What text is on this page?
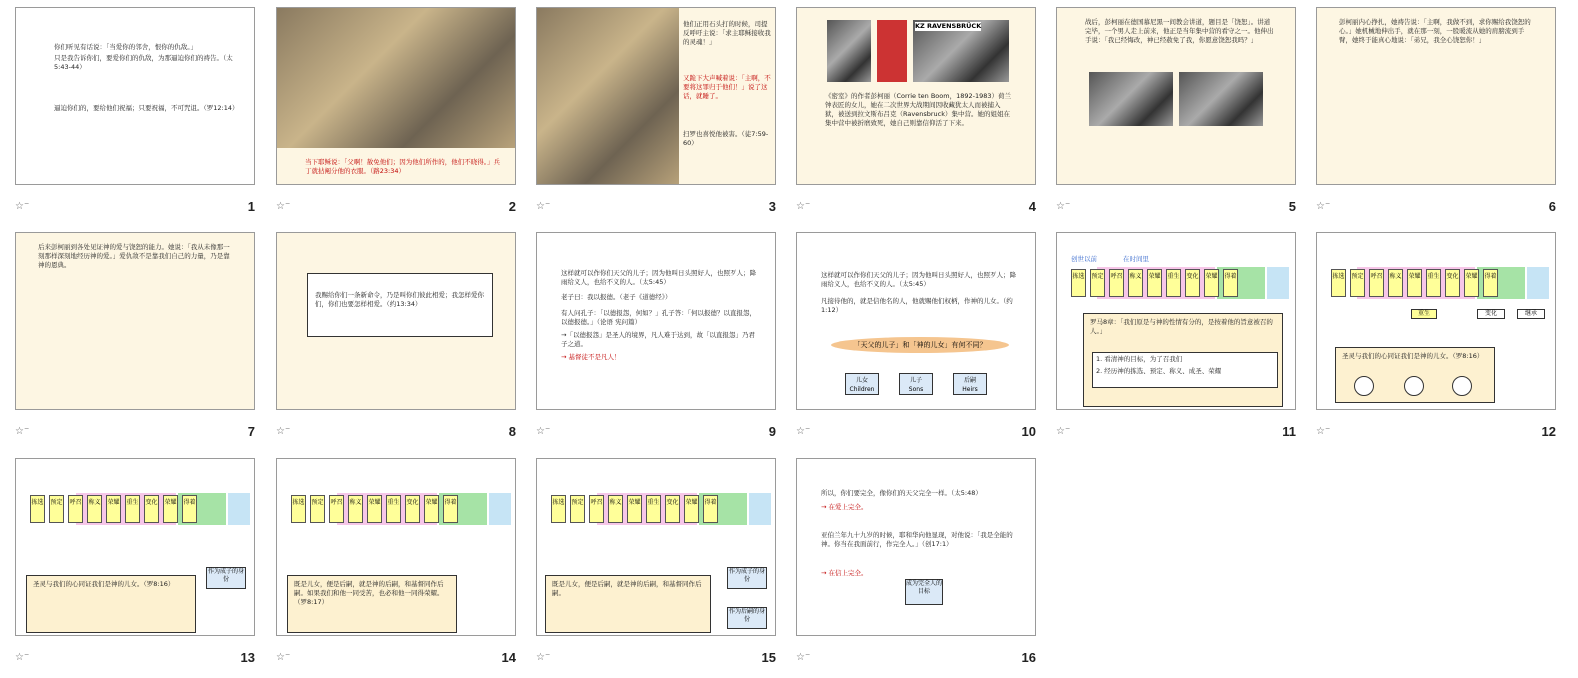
你们听见有话说：「当爱你的邻舍，恨你的仇敌。」
只是我告诉你们，要爱你们的仇敌，为那逼迫你们的祷告。（太5:43-44）
逼迫你们的，要给他们祝福；只要祝福，不可咒诅。（罗12:14）
☆⁻	1
当下耶稣说：「父啊！赦免他们；因为他们所作的，他们不晓得。」兵丁就拈阄分他的衣服。（路23:34）
☆⁻	2
他们正用石头打的时候，司提反呼吁主说：「求主耶稣接收我的灵魂！」
又跪下大声喊着说：「主啊，不要将这罪归于他们！」说了这话，就睡了。
扫罗也喜悦他被害。（徒7:59-60）
☆⁻	3
KZ RAVENSBRÜCK
《密室》的作者彭柯丽（Corrie ten Boom，1892-1983）荷兰钟表匠的女儿，她在二次世界大战期间因收藏犹太人而被捕入狱，被送到拉文斯布吕克（Ravensbruck）集中营。她的姐姐在集中营中被折磨致死，她自己则靠信仰活了下来。
☆⁻	4
战后，彭柯丽在德国慕尼黑一间教会讲道，题目是「饶恕」。讲道完毕，一个男人走上前来，他正是当年集中营的看守之一。他伸出手说：「我已经悔改，神已经赦免了我，你愿意饶恕我吗？」
☆⁻	5
彭柯丽内心挣扎，她祷告说：「主啊，我做不到，求你赐给我饶恕的心。」她机械地伸出手，就在那一刻，一股暖流从她的肩膀流到手臂，她终于能真心地说：「弟兄，我全心饶恕你！」
☆⁻	6
后来彭柯丽到各处见证神的爱与饶恕的能力。她说：「我从未像那一刻那样深刻地经历神的爱。」爱仇敌不是靠我们自己的力量，乃是靠神的恩典。
☆⁻	7
我赐给你们一条新命令，乃是叫你们彼此相爱；我怎样爱你们，你们也要怎样相爱。（约13:34）
☆⁻	8
这样就可以作你们天父的儿子；因为他叫日头照好人，也照歹人；降雨给义人，也给不义的人。（太5:45）
老子曰：我以报德。（老子《道德经》）
有人问孔子：「以德报怨，何如？」孔子答：「何以报德？以直报怨，以德报德。」（论语 宪问篇）
→「以德报怨」是圣人的境界，凡人难于达到，故「以直报怨」乃君子之道。
→ 基督徒不是凡人！
☆⁻	9
这样就可以作你们天父的儿子；因为他叫日头照好人，也照歹人；降雨给义人，也给不义的人。（太5:45）
凡接待他的，就是信他名的人，他就赐他们权柄，作神的儿女。（约1:12）
「天父的儿子」和「神的儿女」有何不同？
儿女
Children
儿子
Sons
后嗣
Heirs
☆⁻	10
拣选 预定 呼召 称义 荣耀 重生 变化 荣耀 得着
创世以前	在时间里
罗马8章：「我们原是与神的性情有分的，是按着他的旨意被召的人。」
1. 看清神的目标，为了召我们
2. 经历神的拣选、预定、称义、成圣、荣耀
☆⁻	11
拣选 预定 呼召 称义 荣耀 重生 变化 荣耀 得着
重生	变化	继承
圣灵与我们的心同证我们是神的儿女。（罗8:16）
☆⁻	12
拣选 预定 呼召 称义 荣耀 重生 变化 荣耀 得着
圣灵与我们的心同证我们是神的儿女。（罗8:16）
作为成子的身份
☆⁻	13
拣选 预定 呼召 称义 荣耀 重生 变化 荣耀 得着
既是儿女，便是后嗣，就是神的后嗣，和基督同作后嗣。如果我们和他一同受苦，也必和他一同得荣耀。（罗8:17）
☆⁻	14
拣选 预定 呼召 称义 荣耀 重生 变化 荣耀 得着
既是儿女，便是后嗣，就是神的后嗣，和基督同作后嗣。
作为成子的身份
作为后嗣的身份
☆⁻	15
所以，你们要完全，像你们的天父完全一样。（太5:48）
→ 在爱上完全。
亚伯兰年九十九岁的时候，耶和华向他显现，对他说：「我是全能的神。你当在我面前行，作完全人。」（创17:1）
→ 在信上完全。
成为完全人的目标
☆⁻	16
